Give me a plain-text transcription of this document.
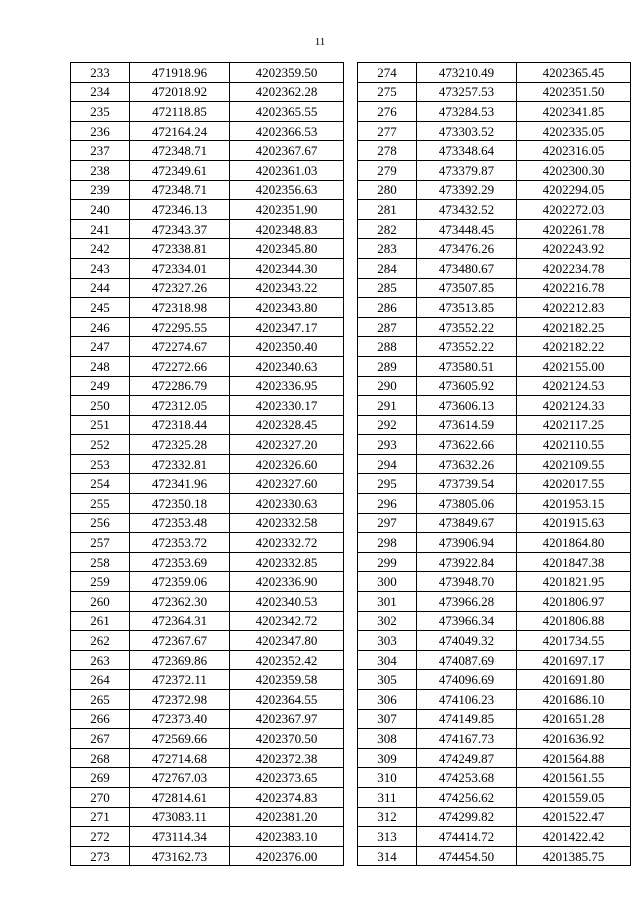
11
233	471918.96	4202359.50
234	472018.92	4202362.28
235	472118.85	4202365.55
236	472164.24	4202366.53
237	472348.71	4202367.67
238	472349.61	4202361.03
239	472348.71	4202356.63
240	472346.13	4202351.90
241	472343.37	4202348.83
242	472338.81	4202345.80
243	472334.01	4202344.30
244	472327.26	4202343.22
245	472318.98	4202343.80
246	472295.55	4202347.17
247	472274.67	4202350.40
248	472272.66	4202340.63
249	472286.79	4202336.95
250	472312.05	4202330.17
251	472318.44	4202328.45
252	472325.28	4202327.20
253	472332.81	4202326.60
254	472341.96	4202327.60
255	472350.18	4202330.63
256	472353.48	4202332.58
257	472353.72	4202332.72
258	472353.69	4202332.85
259	472359.06	4202336.90
260	472362.30	4202340.53
261	472364.31	4202342.72
262	472367.67	4202347.80
263	472369.86	4202352.42
264	472372.11	4202359.58
265	472372.98	4202364.55
266	472373.40	4202367.97
267	472569.66	4202370.50
268	472714.68	4202372.38
269	472767.03	4202373.65
270	472814.61	4202374.83
271	473083.11	4202381.20
272	473114.34	4202383.10
273	473162.73	4202376.00
274	473210.49	4202365.45
275	473257.53	4202351.50
276	473284.53	4202341.85
277	473303.52	4202335.05
278	473348.64	4202316.05
279	473379.87	4202300.30
280	473392.29	4202294.05
281	473432.52	4202272.03
282	473448.45	4202261.78
283	473476.26	4202243.92
284	473480.67	4202234.78
285	473507.85	4202216.78
286	473513.85	4202212.83
287	473552.22	4202182.25
288	473552.22	4202182.22
289	473580.51	4202155.00
290	473605.92	4202124.53
291	473606.13	4202124.33
292	473614.59	4202117.25
293	473622.66	4202110.55
294	473632.26	4202109.55
295	473739.54	4202017.55
296	473805.06	4201953.15
297	473849.67	4201915.63
298	473906.94	4201864.80
299	473922.84	4201847.38
300	473948.70	4201821.95
301	473966.28	4201806.97
302	473966.34	4201806.88
303	474049.32	4201734.55
304	474087.69	4201697.17
305	474096.69	4201691.80
306	474106.23	4201686.10
307	474149.85	4201651.28
308	474167.73	4201636.92
309	474249.87	4201564.88
310	474253.68	4201561.55
311	474256.62	4201559.05
312	474299.82	4201522.47
313	474414.72	4201422.42
314	474454.50	4201385.75
